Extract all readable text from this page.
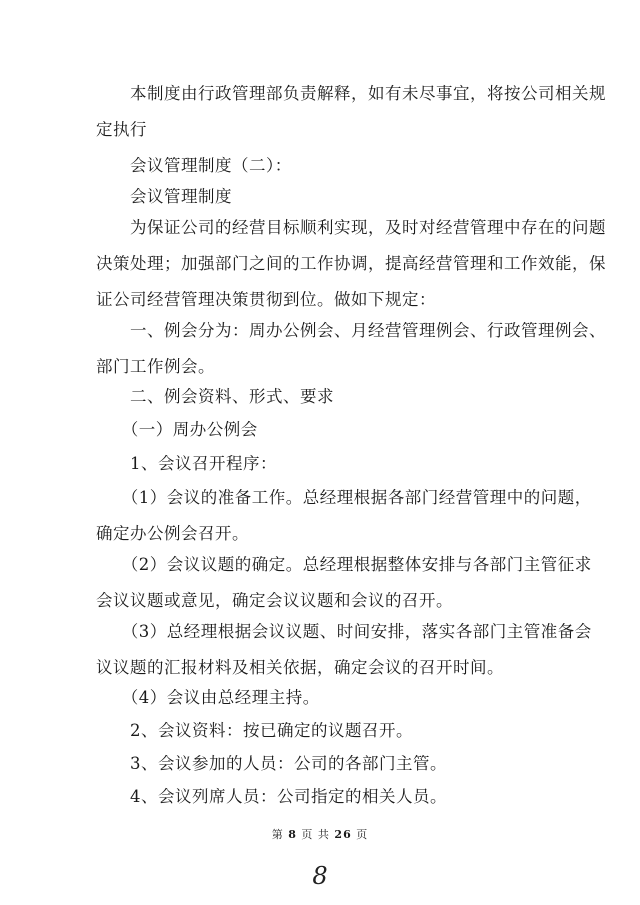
　　本制度由行政管理部负责解释，如有未尽事宜，将按公司相关规
定执行

　　会议管理制度（二）：

　　会议管理制度

　　为保证公司的经营目标顺利实现，及时对经营管理中存在的问题
决策处理；加强部门之间的工作协调，提高经营管理和工作效能，保
证公司经营管理决策贯彻到位。做如下规定：

　　一、例会分为：周办公例会、月经营管理例会、行政管理例会、
部门工作例会。

　　二、例会资料、形式、要求

　　（一）周办公例会

　　1、会议召开程序：

　　（1）会议的准备工作。总经理根据各部门经营管理中的问题，
确定办公例会召开。

　　（2）会议议题的确定。总经理根据整体安排与各部门主管征求
会议议题或意见，确定会议议题和会议的召开。

　　（3）总经理根据会议议题、时间安排，落实各部门主管准备会
议议题的汇报材料及相关依据，确定会议的召开时间。

　　（4）会议由总经理主持。

　　2、会议资料：按已确定的议题召开。

　　3、会议参加的人员：公司的各部门主管。

　　4、会议列席人员：公司指定的相关人员。

第 8 页 共 26 页
8
